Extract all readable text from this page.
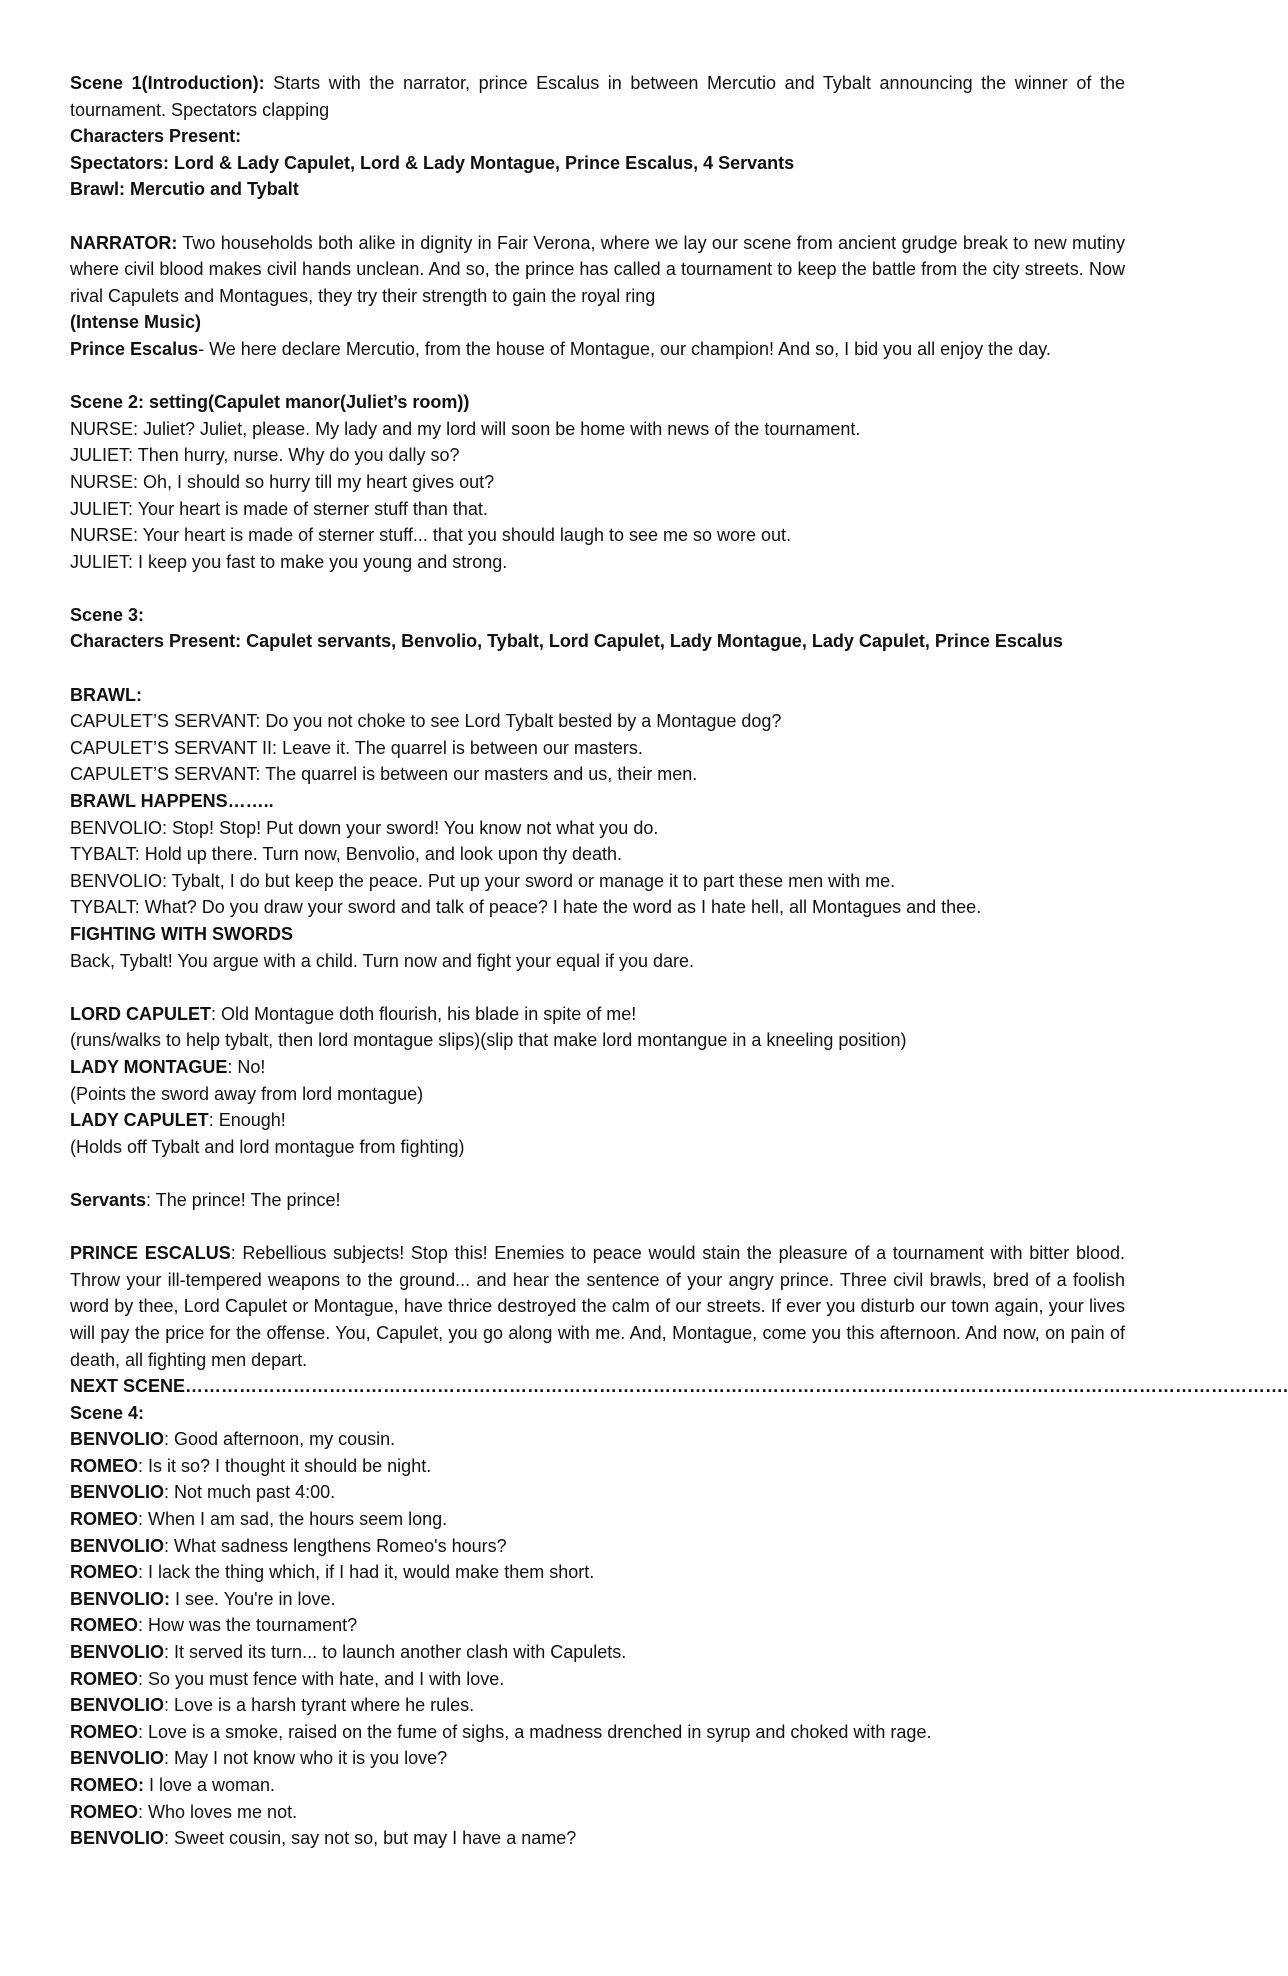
Scene 1(Introduction): Starts with the narrator, prince Escalus in between Mercutio and Tybalt announcing the winner of the tournament. Spectators clapping

Characters Present:

Spectators: Lord & Lady Capulet, Lord & Lady Montague, Prince Escalus, 4 Servants

Brawl: Mercutio and Tybalt

NARRATOR: Two households both alike in dignity in Fair Verona, where we lay our scene from ancient grudge break to new mutiny where civil blood makes civil hands unclean. And so, the prince has called a tournament to keep the battle from the city streets. Now rival Capulets and Montagues, they try their strength to gain the royal ring

(Intense Music)

Prince Escalus- We here declare Mercutio, from the house of Montague, our champion! And so, I bid you all enjoy the day.

Scene 2: setting(Capulet manor(Juliet’s room))

NURSE: Juliet? Juliet, please. My lady and my lord will soon be home with news of the tournament.

JULIET: Then hurry, nurse. Why do you dally so?

NURSE: Oh, I should so hurry till my heart gives out?

JULIET: Your heart is made of sterner stuff than that.

NURSE: Your heart is made of sterner stuff... that you should laugh to see me so wore out.

JULIET: I keep you fast to make you young and strong.

Scene 3:

Characters Present: Capulet servants, Benvolio, Tybalt, Lord Capulet, Lady Montague, Lady Capulet, Prince Escalus

BRAWL:

CAPULET’S SERVANT: Do you not choke to see Lord Tybalt bested by a Montague dog?

CAPULET’S SERVANT II: Leave it. The quarrel is between our masters.

CAPULET’S SERVANT: The quarrel is between our masters and us, their men.

BRAWL HAPPENS……..

BENVOLIO: Stop! Stop! Put down your sword! You know not what you do.

TYBALT: Hold up there. Turn now, Benvolio, and look upon thy death.

BENVOLIO: Tybalt, I do but keep the peace. Put up your sword or manage it to part these men with me.

TYBALT: What? Do you draw your sword and talk of peace? I hate the word as I hate hell, all Montagues and thee.

FIGHTING WITH SWORDS

Back, Tybalt! You argue with a child. Turn now and fight your equal if you dare.

LORD CAPULET: Old Montague doth flourish, his blade in spite of me!

(runs/walks to help tybalt, then lord montague slips)(slip that make lord montangue in a kneeling position)

LADY MONTAGUE: No!

(Points the sword away from lord montague)

LADY CAPULET: Enough!

(Holds off Tybalt and lord montague from fighting)

Servants: The prince! The prince!

PRINCE ESCALUS: Rebellious subjects! Stop this! Enemies to peace would stain the pleasure of a tournament with bitter blood. Throw your ill-tempered weapons to the ground... and hear the sentence of your angry prince. Three civil brawls, bred of a foolish word by thee, Lord Capulet or Montague, have thrice destroyed the calm of our streets. If ever you disturb our town again, your lives will pay the price for the offense. You, Capulet, you go along with me. And, Montague, come you this afternoon. And now, on pain of death, all fighting men depart.

NEXT SCENE………………………………………………………………………………………………………………………………………………………………….

Scene 4:

BENVOLIO: Good afternoon, my cousin.

ROMEO: Is it so? I thought it should be night.

BENVOLIO: Not much past 4:00.

ROMEO: When I am sad, the hours seem long.

BENVOLIO: What sadness lengthens Romeo's hours?

ROMEO: I lack the thing which, if I had it, would make them short.

BENVOLIO: I see. You're in love.

ROMEO: How was the tournament?

BENVOLIO: It served its turn... to launch another clash with Capulets.

ROMEO: So you must fence with hate, and I with love.

BENVOLIO: Love is a harsh tyrant where he rules.

ROMEO: Love is a smoke, raised on the fume of sighs, a madness drenched in syrup and choked with rage.

BENVOLIO: May I not know who it is you love?

ROMEO: I love a woman.

ROMEO: Who loves me not.

BENVOLIO: Sweet cousin, say not so, but may I have a name?
